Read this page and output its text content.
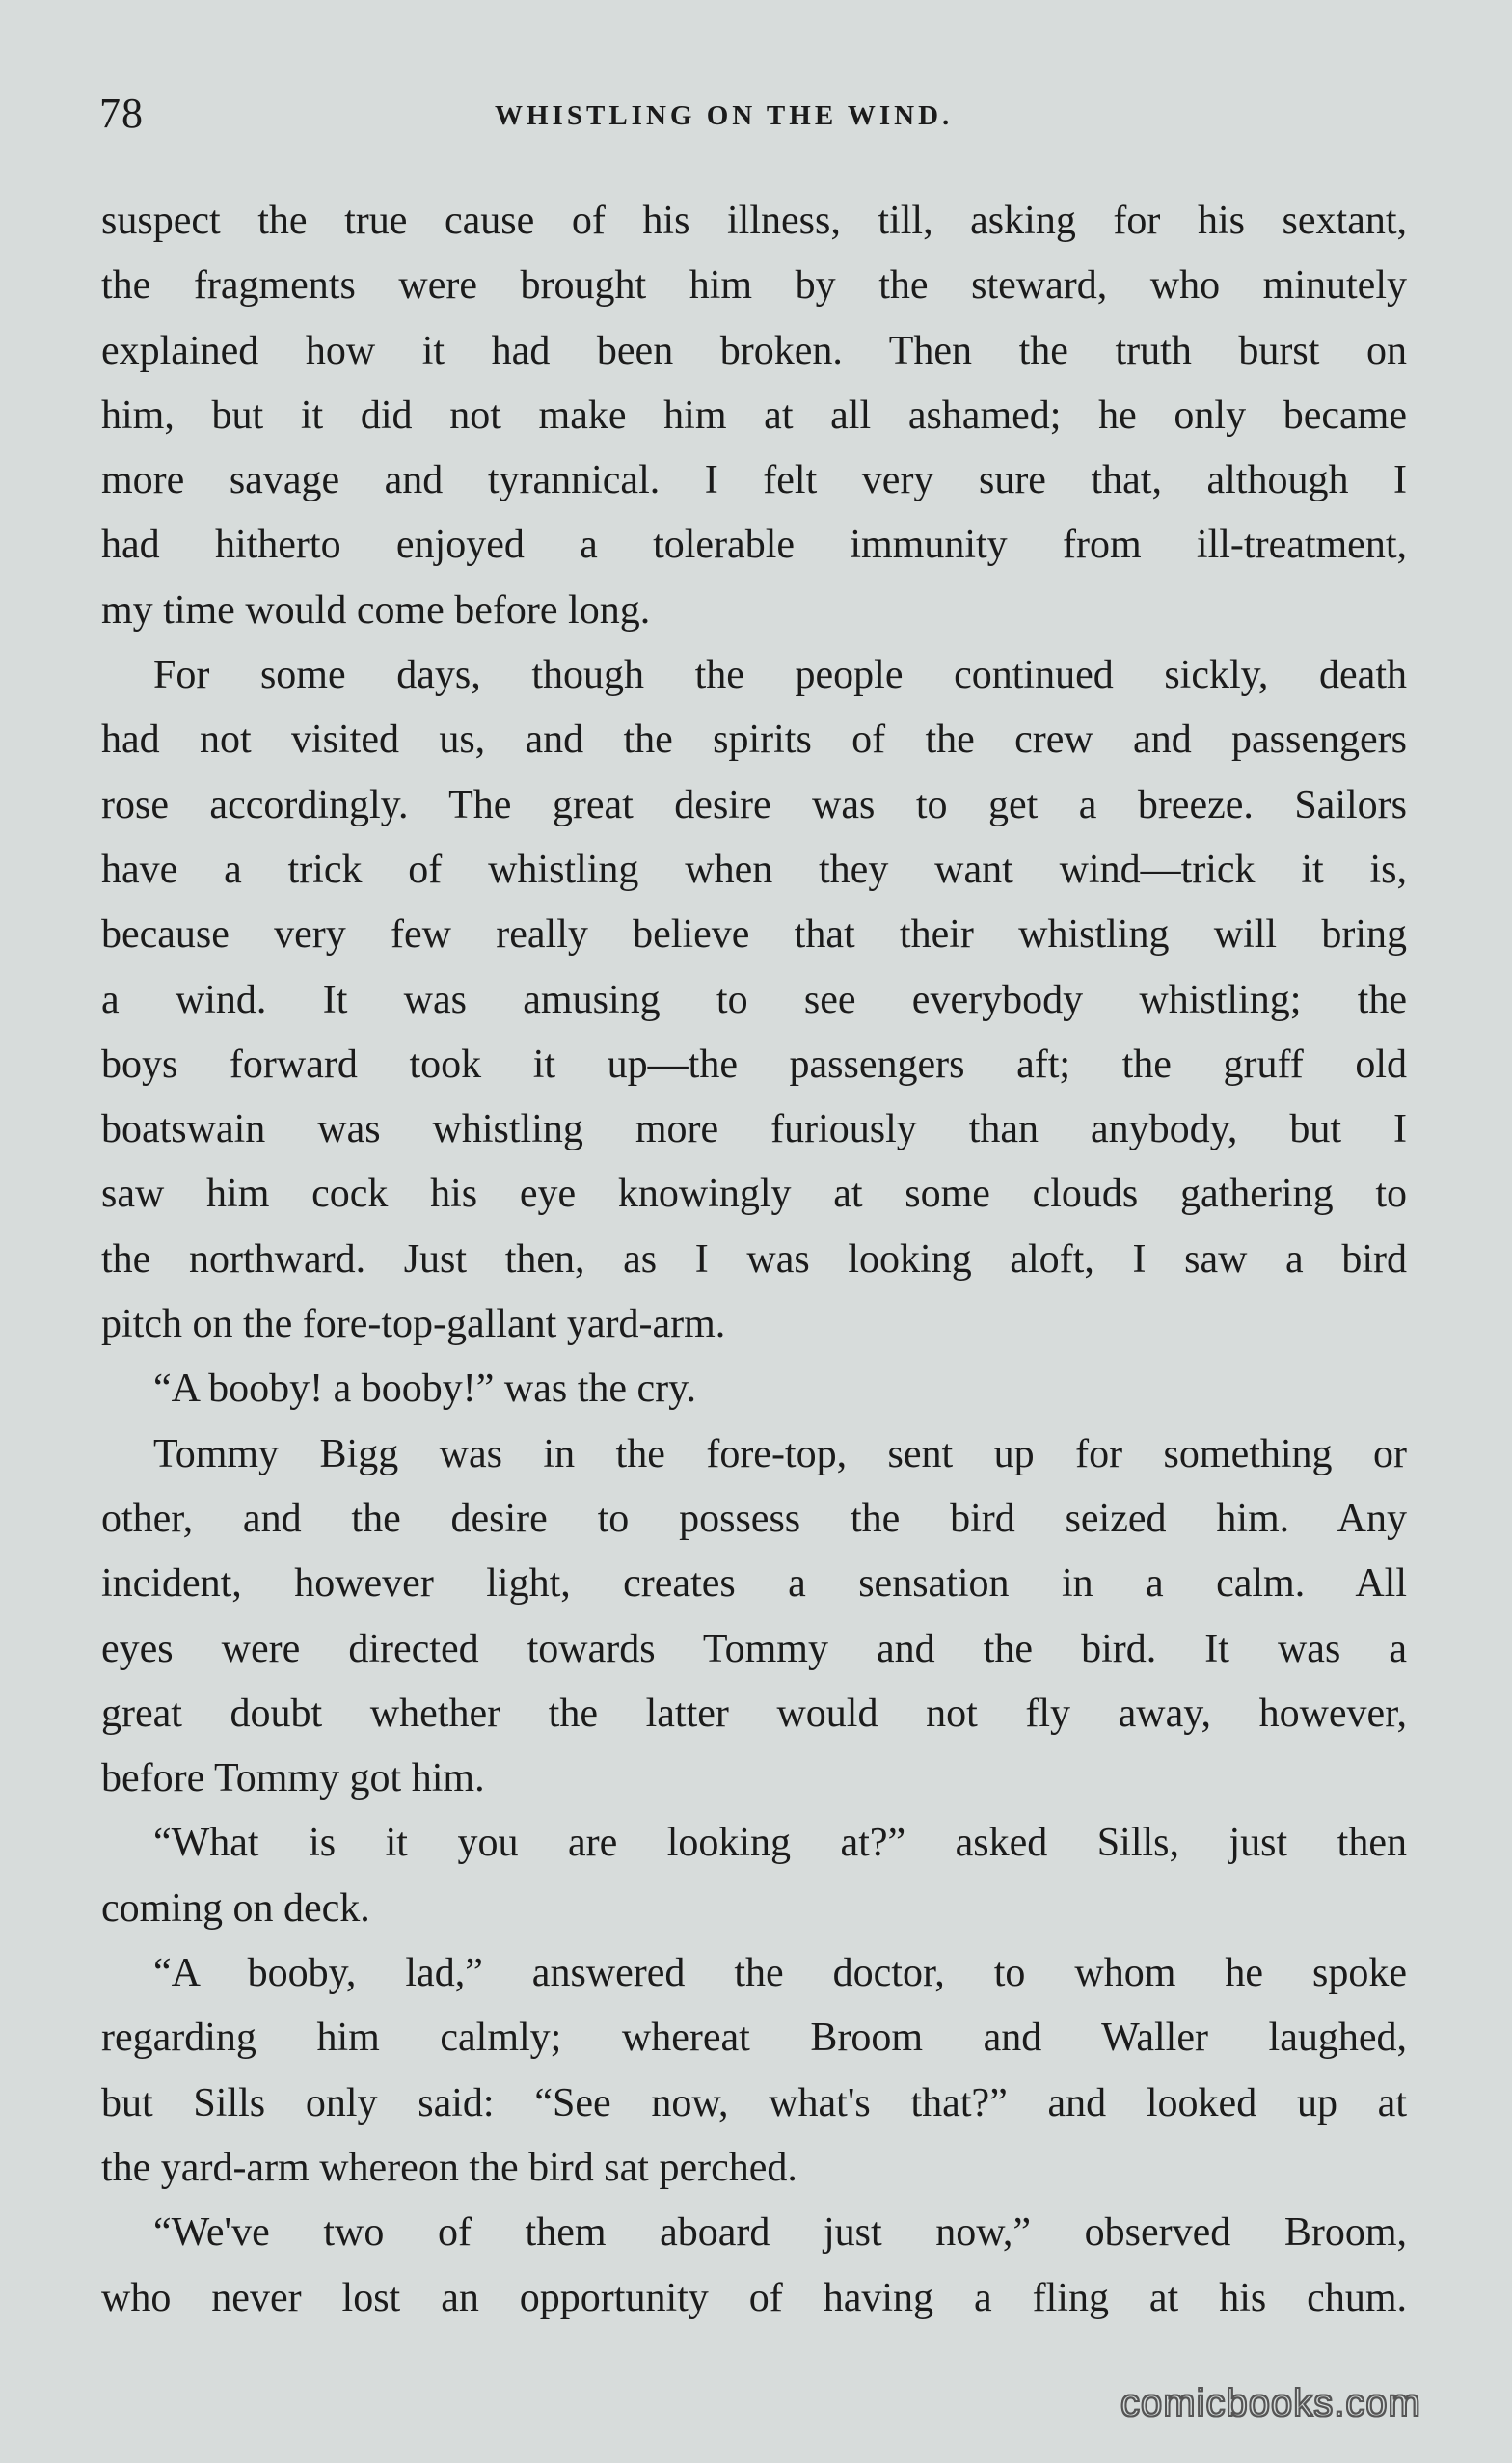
78	WHISTLING ON THE WIND.
suspect the true cause of his illness, till, asking for his sextant,
the fragments were brought him by the steward, who minutely
explained how it had been broken. Then the truth burst on
him, but it did not make him at all ashamed; he only became
more savage and tyrannical. I felt very sure that, although I
had hitherto enjoyed a tolerable immunity from ill-treatment,
my time would come before long.
For some days, though the people continued sickly, death
had not visited us, and the spirits of the crew and passengers
rose accordingly. The great desire was to get a breeze. Sailors
have a trick of whistling when they want wind—trick it is,
because very few really believe that their whistling will bring
a wind. It was amusing to see everybody whistling; the
boys forward took it up—the passengers aft; the gruff old
boatswain was whistling more furiously than anybody, but I
saw him cock his eye knowingly at some clouds gathering to
the northward. Just then, as I was looking aloft, I saw a bird
pitch on the fore-top-gallant yard-arm.
“A booby! a booby!” was the cry.
Tommy Bigg was in the fore-top, sent up for something or
other, and the desire to possess the bird seized him. Any
incident, however light, creates a sensation in a calm. All
eyes were directed towards Tommy and the bird. It was a
great doubt whether the latter would not fly away, however,
before Tommy got him.
“What is it you are looking at?” asked Sills, just then
coming on deck.
“A booby, lad,” answered the doctor, to whom he spoke
regarding him calmly; whereat Broom and Waller laughed,
but Sills only said: “See now, what's that?” and looked up at
the yard-arm whereon the bird sat perched.
“We've two of them aboard just now,” observed Broom,
who never lost an opportunity of having a fling at his chum.
comicbooks.com
